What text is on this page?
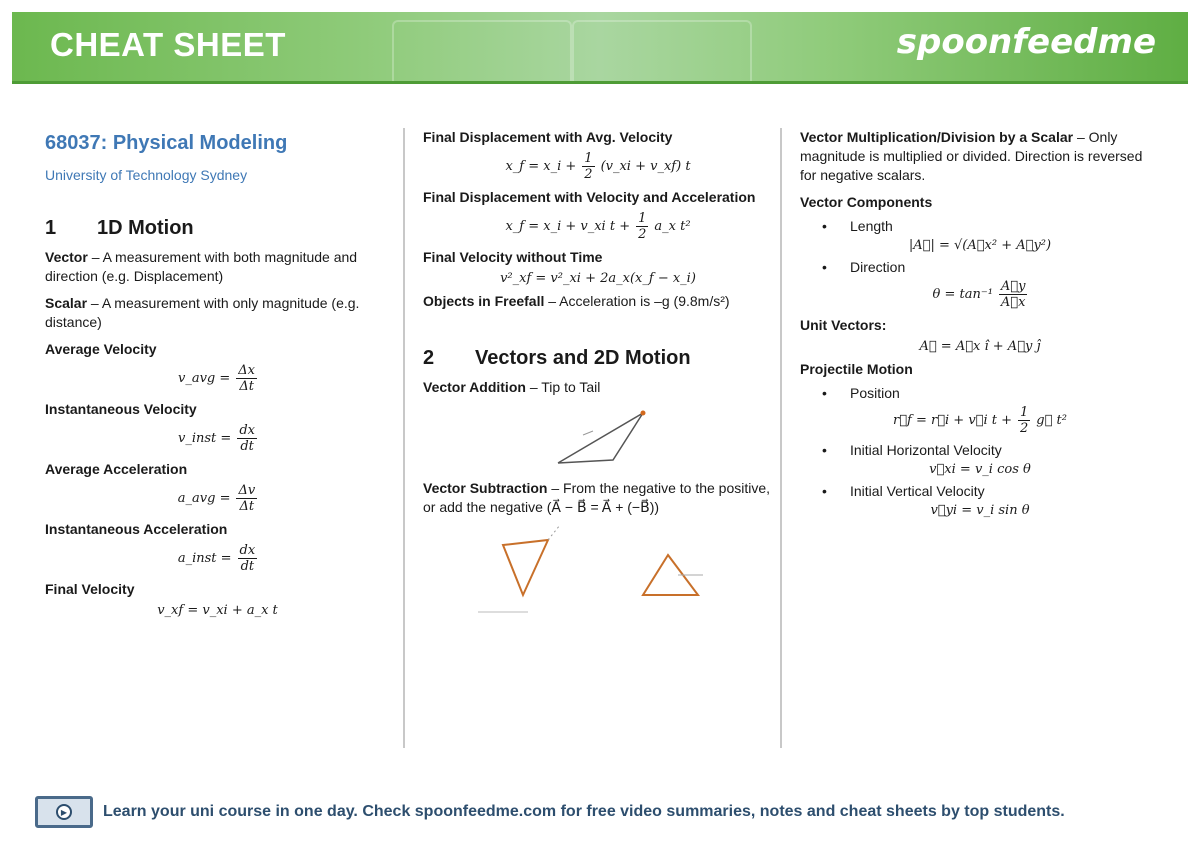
CHEAT SHEET	spoonfeedme
68037: Physical Modeling
University of Technology Sydney
1	1D Motion

Vector – A measurement with both magnitude and direction (e.g. Displacement)

Scalar – A measurement with only magnitude (e.g. distance)

Average Velocity
v_avg = $\frac{\Delta x}{\Delta t}$
Instantaneous Velocity
v_inst = $\frac{dx}{dt}$
Average Acceleration
a_avg = $\frac{\Delta v}{\Delta t}$
Instantaneous Acceleration
a_inst = $\frac{dx}{dt}$
Final Velocity
v_xf = v_xi + a_x t
Final Displacement with Avg. Velocity
x_f = x_i + $\frac{1}{2}$ (v_xi + v_xf) t
Final Displacement with Velocity and Acceleration
x_f = x_i + v_xi $t + \frac{1}{2}$ a_x t²
Final Velocity without Time
v²_xf = v²_xi + 2a_x(x_f − x_i)

Objects in Freefall – Acceleration is –g (9.8m/s²)

2	Vectors and 2D Motion

Vector Addition – Tip to Tail

Vector Subtraction – From the negative to the positive, or add the negative (A⃗ − B⃗ = A⃗ + (−B⃗))

Vector Multiplication/Division by a Scalar – Only magnitude is multiplied or divided. Direction is reversed for negative scalars.

Vector Components
•	Length
|A⃗| = √(A⃗x² + A⃗y²)
•	Direction
$\theta = \tan^{-1} \frac{A⃗y}{A⃗x}$
Unit Vectors:
A⃗ = A⃗x î + A⃗y ĵ
Projectile Motion
•	Position
r⃗f = r⃗i + v⃗i $t + \frac{1}{2}$ g⃗ t²
•	Initial Horizontal Velocity
v⃗xi = v_i cos θ
•	Initial Vertical Velocity
v⃗yi = v_i sin θ
▶	Learn your uni course in one day. Check spoonfeedme.com for free video summaries, notes and cheat sheets by top students.
